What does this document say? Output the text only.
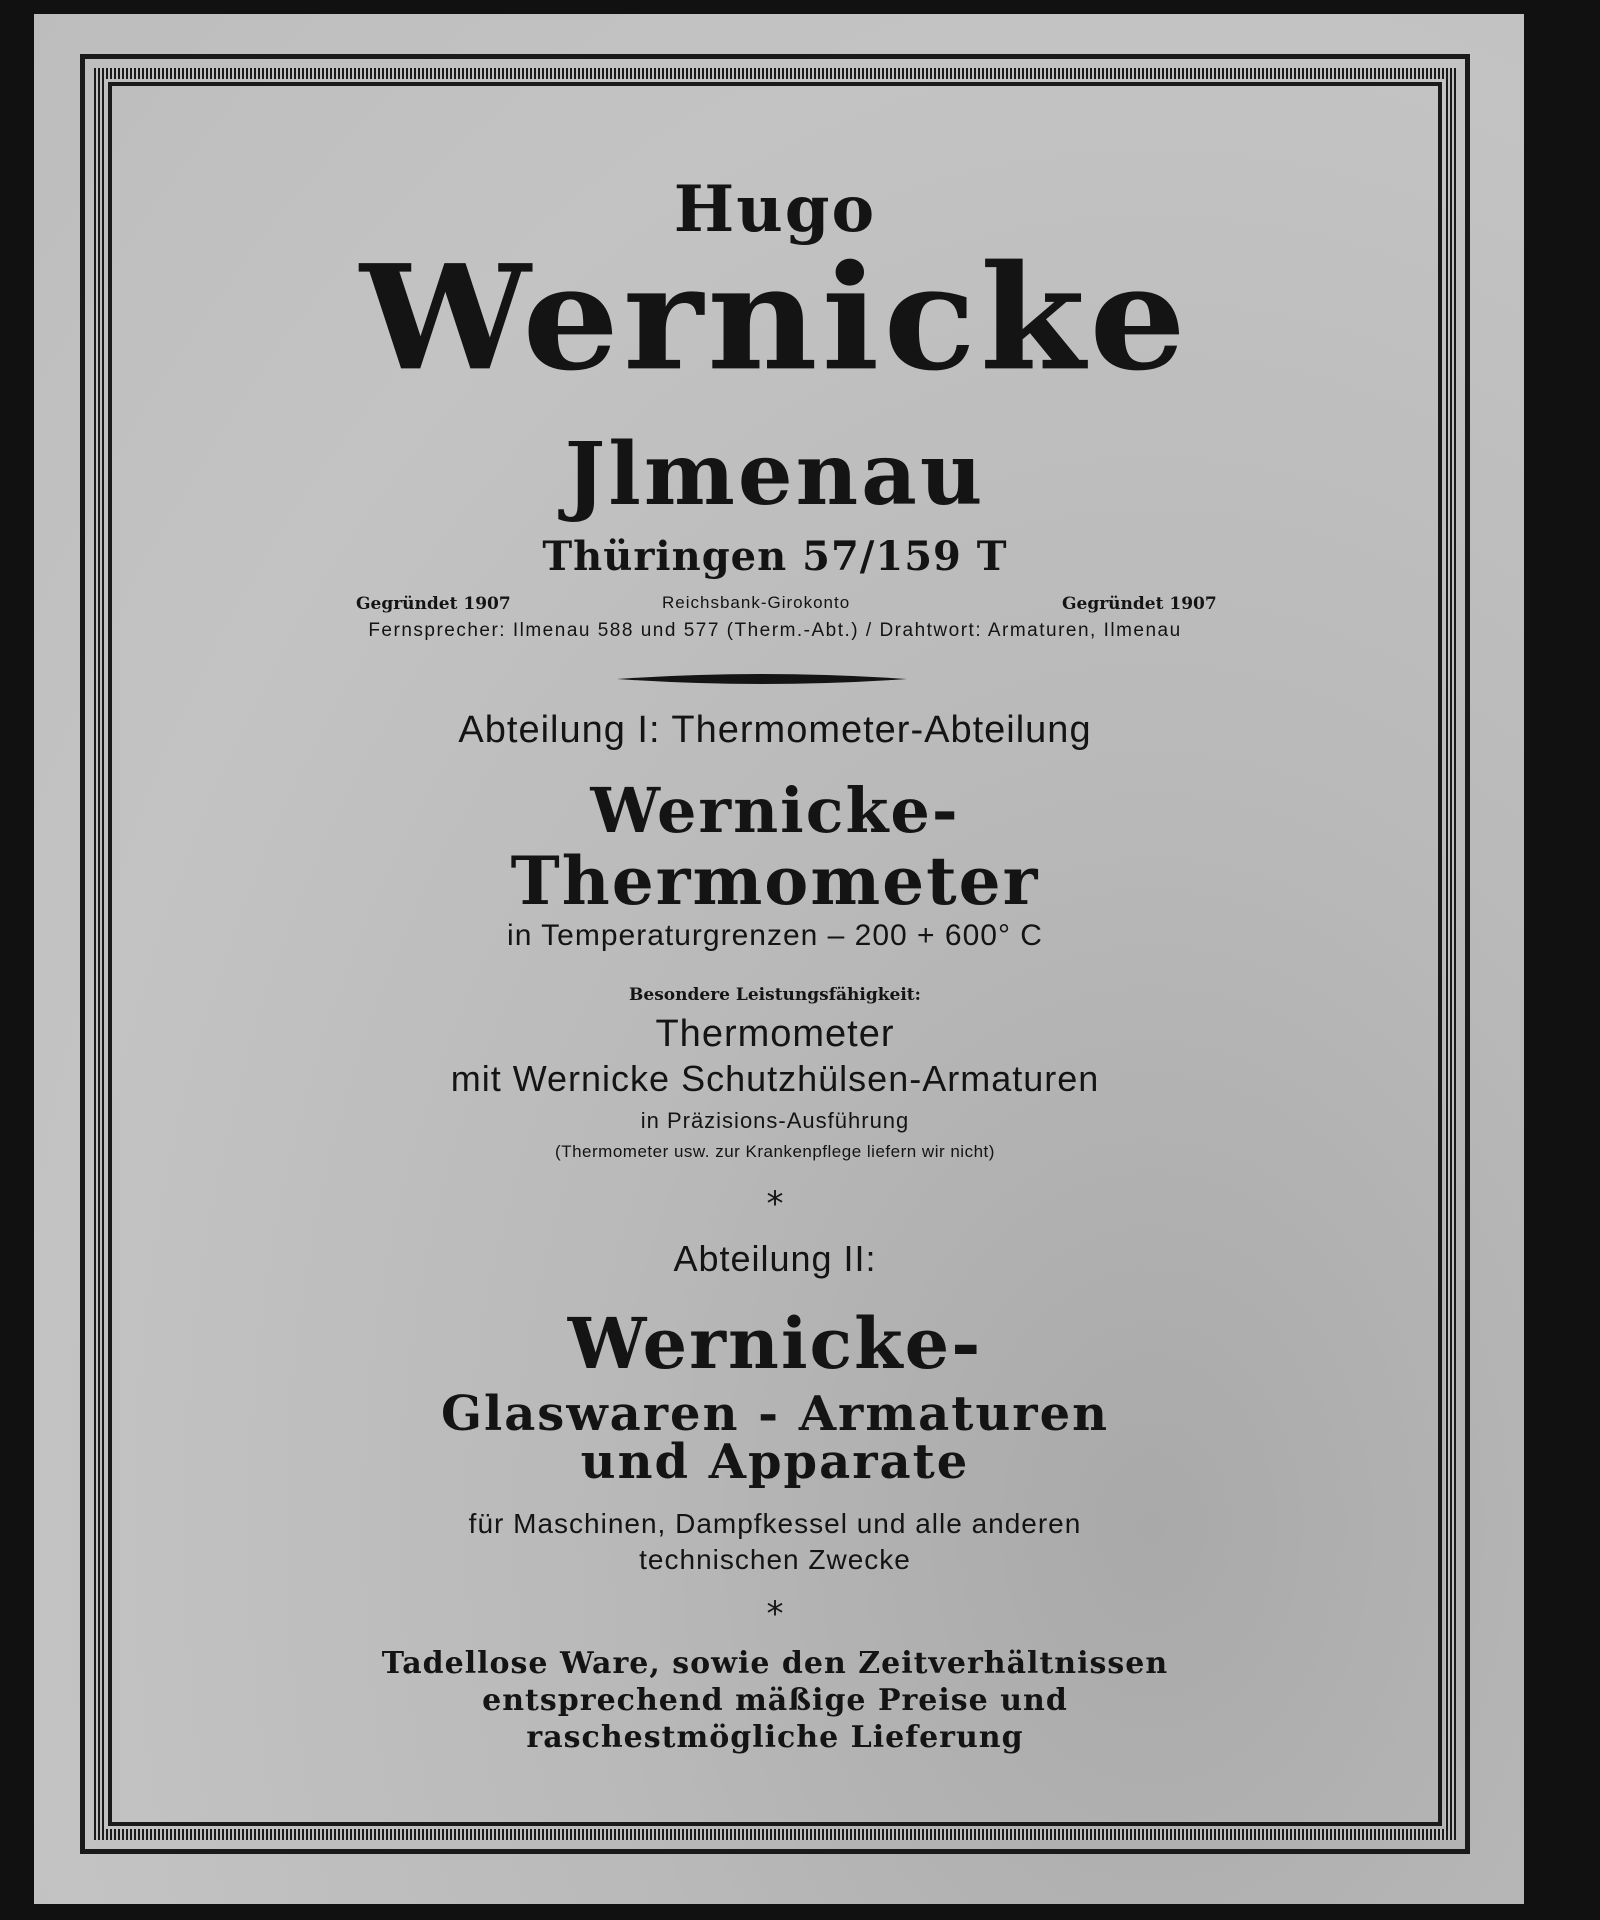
Hugo
Wernicke
Jlmenau
Thüringen 57/159 T
Gegründet 1907	Reichsbank-Girokonto	Gegründet 1907
Fernsprecher: Ilmenau 588 und 577 (Therm.-Abt.) / Drahtwort: Armaturen, Ilmenau
Abteilung I: Thermometer-Abteilung
Wernicke-
Thermometer
in Temperaturgrenzen – 200 + 600° C
Besondere Leistungsfähigkeit:
Thermometer
mit Wernicke Schutzhülsen-Armaturen
in Präzisions-Ausführung
(Thermometer usw. zur Krankenpflege liefern wir nicht)
*
Abteilung II:
Wernicke-
Glaswaren - Armaturen
und Apparate
für Maschinen, Dampfkessel und alle anderen
technischen Zwecke
*
Tadellose Ware, sowie den Zeitverhältnissen
entsprechend mäßige Preise und
raschestmögliche Lieferung
